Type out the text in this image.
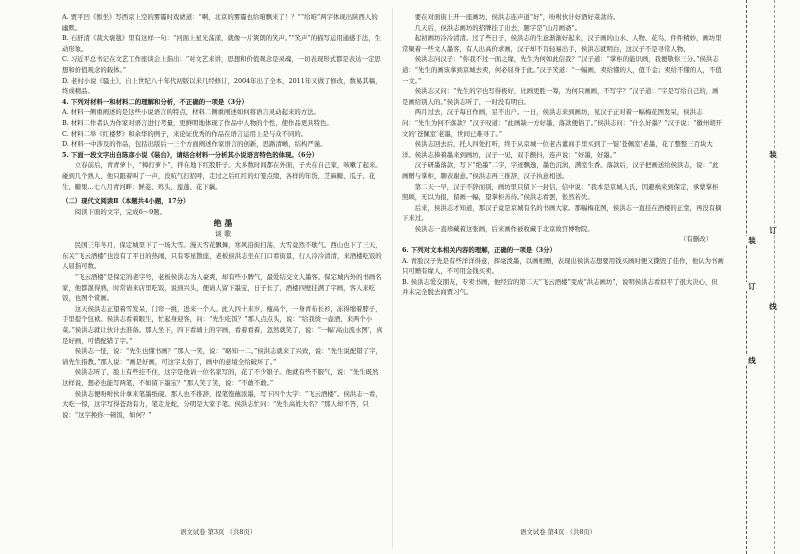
A. 贾平凹《暂坐》写西京上空的雾霾时戏谑道：“啊，北京的雾霾也给咱飘来了！？”“给咱”两字体现出陕西人的幽默。

B. 石舒清《裁大褒毯》里有这样一句：“河面上星光荡漾，就像一片爽朗的笑声。”“笑声”的描写运用通感手法，生动形象。

C. 习近平总书记在文艺工作座谈会上指出：“对文艺来讲，思想和价值观念是灵魂，一切表现形式都是表达一定思想和价值观念的载体。”

D. 老村小说《骚土》，自上世纪八十年代初版以来几经修订，2004年出了全本，2011年又做了修改，数易其稿，终成精品。

4. 下列对材料一和材料二的理解和分析，不正确的一项是（3分）

A. 材料一侧重阐述的是这些小说语言的特点，材料二侧重阐述如何将语言灵动起来的方法。

B. 材料二作者认为作家对语言进行考量，更鲜明地体现了作品中人物的个性，使作品更具特色。

C. 材料二举《红楼梦》和余华的例子，来论证优秀的作品在语言运用上是与众不同的。

D. 材料一中涉及的作品，包括出版后一三个方面阐述作家语言的创新，思路清晰，结构严谨。

5. 下面一段文字出自陈彦小说《装台》，请结合材料一分析其小说语言特色的体现。（6分）

立春前后，青青萝卜，“樟打萝卜”，拌在地下红股肝子。大多数时间都在外面，子夫在自己家，咳嗽了起来。碰到几个熟人，他只跟着叫了一声，没吭气打招呼，走过之后红红的灯笼点缀，各样的年货，芝麻糖、瓜子、花生、糖果...七八月青河畔：鲜菱、鸡头、莲蓬、花下藕。

（二）现代文阅读Ⅱ（本题共4小题，17分）

阅读下面的文字，完成6～9题。

绝 墨

谈 歌

民国三年冬月，保定城里下了一场大雪。漫天雪花飘舞，寒风沿街扫荡，大雪竟然不歇气。西山也下了三天，东关“飞云酒楼”也没有了平日的热闹，只有零星散座，老板侯洪志坐在门口看街景，行人冷冷清清，来酒楼吃饭的人屈指可数。

“飞云酒楼”是保定的老字号，老板侯洪志为人豪爽，却有些小脾气，最爱结交文人墨客。保定城内外的书画名家，他都混得熟，时常请来店里吃饭，说到兴头，便请人留下墨宝，日子长了，酒楼四壁挂满了字画，客人来吃饭，也图个赏画。

这天侯洪志正望着雪发呆，门帘一挑，进来一个人。此人四十来岁，瘦高个，一身青布长衫，冻得缩着脖子，手里提个包袱。侯洪志看着眼生，忙起身迎客，问：“先生吃饭？”那人点点头，说：“给我烫一壶酒，来两个小菜。”侯洪志就让伙计去准备。那人坐下，四下看墙上的字画，看着看着，忽然就笑了，说：“一幅‘高山流水图’，真是好画，可惜配错了字。”

侯洪志一怔，说：“先生也懂书画？”那人一笑，说：“略知一二。”侯洪志就来了兴致，说：“先生说配错了字，请先生指教。”那人说：“画是好画，可这字太俗了，画中的意境全给破坏了。”

侯洪志听了，脸上有些挂不住，这字是他请一位名家写的，花了不少银子。他就有些不服气，说：“先生既然这样说，想必也能写两笔，不如留下墨宝？”那人笑了笑，说：“不敢不敢。”

侯洪志便吩咐伙计拿来笔墨纸砚。那人也不推辞，提笔饱蘸浓墨，写下四个大字：“飞云酒楼”。侯洪志一看，大吃一惊，这字写得苍劲有力，笔走龙蛇，分明是大家手笔。侯洪志忙问：“先生高姓大名？”那人却不答，只说：“这字换你一顿饭，如何？”

要在对面街上开一座画坊，侯洪志连声道“好”，吩咐伙计好酒好菜款待。

几天后，侯洪志画坊的招牌挂了出去，题字是“山月画斋”。

起初画坊冷冷清清。过了些日子，侯洪志的生意渐渐好起来，汉子画的山水、人物、花鸟，件件精妙，画坊里常聚着一些文人墨客，有人出高价求画，汉子却不肯轻易出手，侯洪志就明白，这汉子不是寻常人物。

侯洪志问汉子：“你我不过一面之缘，先生为何如此信我？”汉子道：“掌柜的能识画，我便敬你三分。”侯洪志道：“先生的画该拿到京城去卖，何必屈身于此。”汉子笑道：“一幅画，卖给懂的人，值千金；卖给不懂的人，不值一文。”

侯洪志又问：“先生的字也写得极好，比画更胜一筹，为何只画画，不写字？”汉子道：“字是写给自己的，画是画给别人的。”侯洪志听了，一时没有明白。

两月过去，汉子每日作画，足不出户。一日，侯洪志来到画坊，见汉子正对着一幅梅花图发呆，侯洪志问：“先生为何不落款？”汉子叹道：“此画缺一方好墨，落款便俗了。”侯洪志问：“什么好墨？”汉子说：“徽州胡开文的‘苍佩室’老墨，世间已难寻了。”

侯洪志回去后，托人四处打听，终于从京城一位老古董商手里买到了一锭‘苍佩室’老墨，花了整整三百块大洋。侯洪志捧着墨来到画坊，汉子一见，双手颤抖，连声说：“好墨，好墨。”

汉子研墨落款，写下“绝墨”二字，字迹飘逸，墨色沉润，满室生香。落款后，汉子把画送给侯洪志，说：“此画赠与掌柜，聊表谢意。”侯洪志再三推辞，汉子执意相送。

第二天一早，汉子不辞而别，画坊里只留下一封信，信中说：“我本是京城人氏，因避祸来到保定，承蒙掌柜照顾，无以为报，留画一幅，望掌柜善待。”侯洪志看罢，怅然若失。

后来，侯洪志才知道，那汉子竟是京城有名的书画大家。那幅梅花图，侯洪志一直挂在酒楼的正堂，再没有摘下来过。

侯洪志一直珍藏着这张画，后来画作被收藏于北京故宫博物院。

（有删改）

6. 下列对文本相关内容的理解，正确的一项是（3分）

A. 青脸汉子先是有些洋洋得意，挥毫泼墨，以画相赠，表现出侯洪志想要用钱买画时便又撕毁了佳作，他认为书画只可赠有缘人，不可用金钱买卖。

B. 侯洪志爱交朋友，专卖书画，他经营的第二天“飞云酒楼”变成“洪志画坊”，说明侯洪志看似平了很大决心，但并未完全脱去商贾习气。

语文试卷 第3页 （共8页）	语文试卷 第4页 （共8页）
装
订
线
装
订
线
